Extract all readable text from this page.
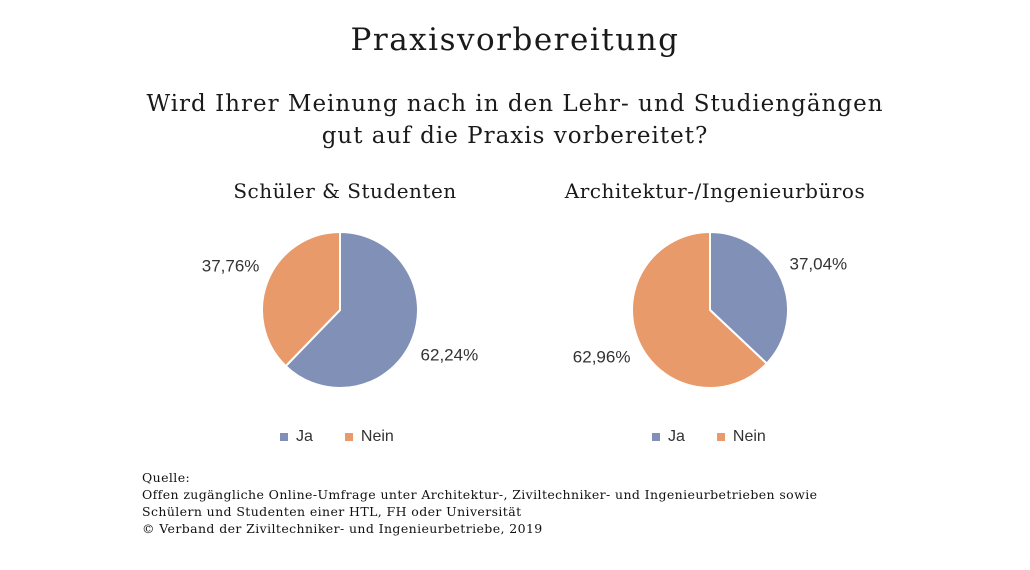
Praxisvorbereitung
Wird Ihrer Meinung nach in den Lehr- und Studiengängen
gut auf die Praxis vorbereitet?
Schüler & Studenten	Architektur-/Ingenieurbüros
62,24%
37,76%	37,04%
62,96%
Ja	Nein	Ja	Nein
Quelle:
Offen zugängliche Online-Umfrage unter Architektur-, Ziviltechniker- und Ingenieurbetrieben sowie
Schülern und Studenten einer HTL, FH oder Universität
© Verband der Ziviltechniker- und Ingenieurbetriebe, 2019
